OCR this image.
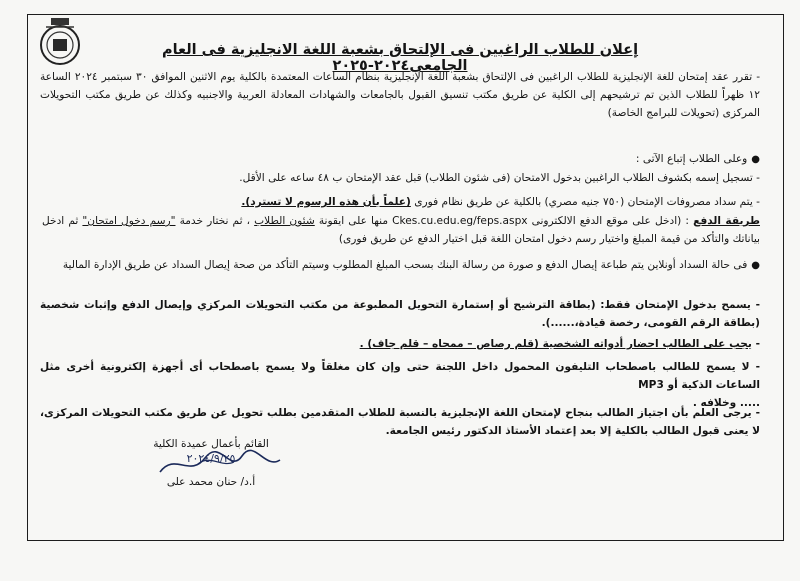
إعلان للطلاب الراغبين فى الإلتحاق بشعبة اللغة الانجليزية فى العام الجامعى٢٠٢٤-٢٠٢٥
- تقرر عقد إمتحان للغة الإنجليزية للطلاب الراغبين فى الإلتحاق بشعبة اللغة الإنجليزية بنظام الساعات المعتمدة بالكلية يوم الاثنين الموافق ٣٠ سبتمبر ٢٠٢٤ الساعة ١٢ ظهراً للطلاب الذين تم ترشيحهم إلى الكلية عن طريق مكتب تنسيق القبول بالجامعات والشهادات المعادلة العربية والاجنبيه وكذلك عن طريق مكتب التحويلات المركزى (تحويلات للبرامج الخاصة)
●وعلى الطلاب إتباع الآتى :
- تسجيل إسمه بكشوف الطلاب الراغبين بدخول الامتحان (فى شئون الطلاب) قبل عقد الإمتحان ب ٤٨ ساعه على الأقل.
- يتم سداد مصروفات الإمتحان (٧٥٠ جنيه مصري) بالكلية عن طريق نظام فورى (علماً بأن هذه الرسوم لا تسترد).
طريقة الدفع : (ادخل على موقع الدفع الالكترونى Ckes.cu.edu.eg/feps.aspx منها على ايقونة شئون الطلاب ، ثم نختار خدمة "رسم دخول امتحان" ثم ادخل بياناتك والتأكد من قيمة المبلغ واختيار رسم دخول امتحان اللغة قبل اختيار الدفع عن طريق فورى)
●فى حالة السداد أونلاين يتم طباعة إيصال الدفع و صورة من رسالة البنك بسحب المبلغ المطلوب وسيتم التأكد من صحة إيصال السداد عن طريق الإدارة المالية
- يسمح بدخول الإمتحان فقط: (بطاقة الترشيح أو إستمارة التحويل المطبوعة من مكتب التحويلات المركزي وإيصال الدفع وإثبات شخصية (بطاقة الرقم القومى، رخصة قيادة،......).
- يجب على الطالب احضار أدواته الشخصية (قلم رصاص – ممحاه – قلم جاف) .
- لا يسمح للطالب باصطحاب التليفون المحمول داخل اللجنة حتى وإن كان مغلقاً ولا يسمح باصطحاب أى أجهزة إلكترونية أخرى مثل الساعات الذكية أو MP3
..... وخلافه .
- يرجى العلم بأن اجتياز الطالب بنجاح لإمتحان اللغة الإنجليزية بالنسبة للطلاب المتقدمين بطلب تحويل عن طريق مكتب التحويلات المركزى، لا يعنى قبول الطالب بالكلية إلا بعد إعتماد الأستاذ الدكتور رئيس الجامعة.
القائم بأعمال عميدة الكلية
٢٠٢٤/٩/٢٥
أ.د/ حنان محمد على
